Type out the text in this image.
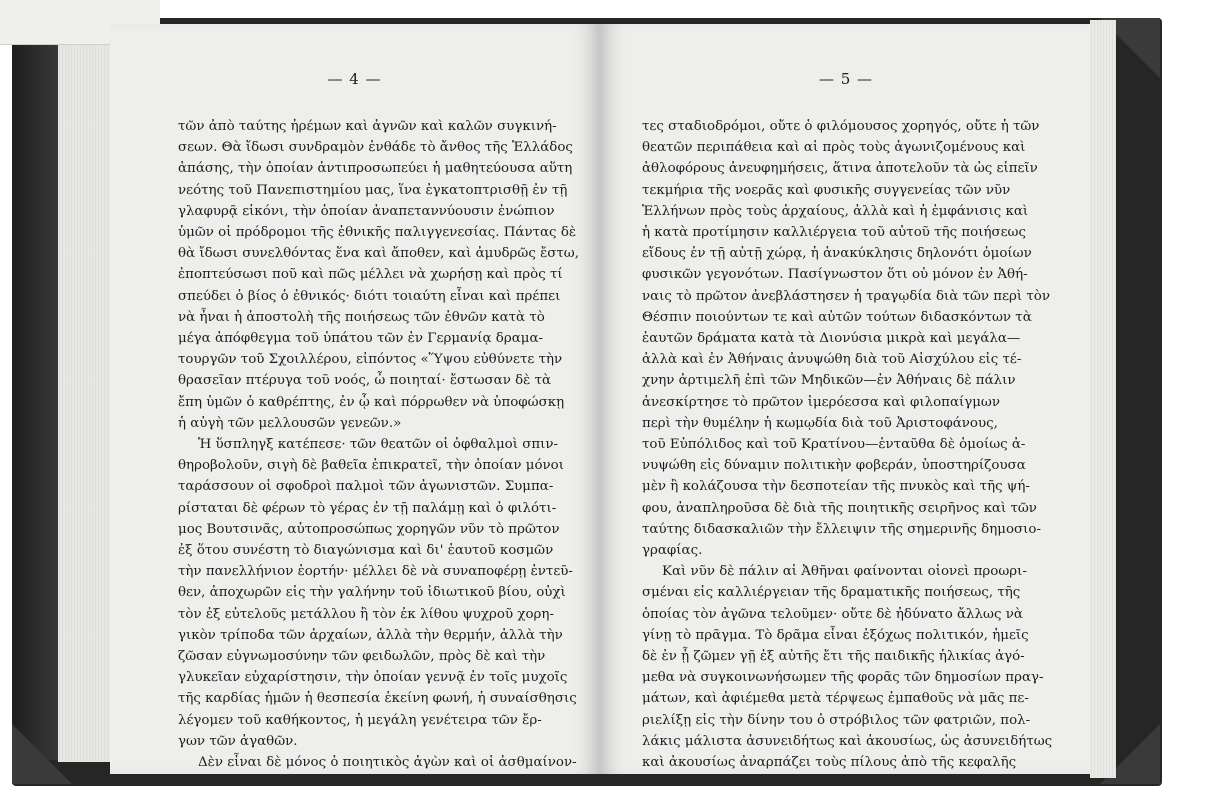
— 4 —
τῶν ἀπὸ ταύτης ἠρέμων καὶ ἀγνῶν καὶ καλῶν συγκινή-
σεων. Θὰ ἴδωσι συνδραμὸν ἐνθάδε τὸ ἄνθος τῆς Ἑλλάδος
ἁπάσης, τὴν ὁποίαν ἀντιπροσωπεύει ἡ μαθητεύουσα αὕτη
νεότης τοῦ Πανεπιστημίου μας, ἵνα ἐγκατοπτρισθῇ ἐν τῇ
γλαφυρᾷ εἰκόνι, τὴν ὁποίαν ἀναπεταννύουσιν ἐνώπιον
ὑμῶν οἱ πρόδρομοι τῆς ἐθνικῆς παλιγγενεσίας. Πάντας δὲ
θὰ ἴδωσι συνελθόντας ἕνα καὶ ἄποθεν, καὶ ἀμυδρῶς ἔστω,
ἐποπτεύσωσι ποῦ καὶ πῶς μέλλει νὰ χωρήσῃ καὶ πρὸς τί
σπεύδει ὁ βίος ὁ ἐθνικός· διότι τοιαύτη εἶναι καὶ πρέπει
νὰ ἦναι ἡ ἀποστολὴ τῆς ποιήσεως τῶν ἐθνῶν κατὰ τὸ
μέγα ἀπόφθεγμα τοῦ ὑπάτου τῶν ἐν Γερμανίᾳ δραμα-
τουργῶν τοῦ Σχοιλλέρου, εἰπόντος «Ὕψου εὐθύνετε τὴν
θρασεῖαν πτέρυγα τοῦ νοός, ὦ ποιηταί· ἔστωσαν δὲ τὰ
ἔπη ὑμῶν ὁ καθρέπτης, ἐν ᾧ καὶ πόρρωθεν νὰ ὑποφώσκῃ
ἡ αὐγὴ τῶν μελλουσῶν γενεῶν.»
Ἡ ὕσπληγξ κατέπεσε· τῶν θεατῶν οἱ ὀφθαλμοὶ σπιν-
θηροβολοῦν, σιγὴ δὲ βαθεῖα ἐπικρατεῖ, τὴν ὁποίαν μόνοι
ταράσσουν οἱ σφοδροὶ παλμοὶ τῶν ἀγωνιστῶν. Συμπα-
ρίσταται δὲ φέρων τὸ γέρας ἐν τῇ παλάμῃ καὶ ὁ φιλότι-
μος Βουτσινᾶς, αὐτοπροσώπως χορηγῶν νῦν τὸ πρῶτον
ἐξ ὅτου συνέστη τὸ διαγώνισμα καὶ δι' ἑαυτοῦ κοσμῶν
τὴν πανελλήνιον ἑορτήν· μέλλει δὲ νὰ συναποφέρῃ ἐντεῦ-
θεν, ἀποχωρῶν εἰς τὴν γαλήνην τοῦ ἰδιωτικοῦ βίου, οὐχὶ
τὸν ἐξ εὐτελοῦς μετάλλου ἢ τὸν ἐκ λίθου ψυχροῦ χορη-
γικὸν τρίποδα τῶν ἀρχαίων, ἀλλὰ τὴν θερμήν, ἀλλὰ τὴν
ζῶσαν εὐγνωμοσύνην τῶν φειδωλῶν, πρὸς δὲ καὶ τὴν
γλυκεῖαν εὐχαρίστησιν, τὴν ὁποίαν γεννᾷ ἐν τοῖς μυχοῖς
τῆς καρδίας ἡμῶν ἡ θεσπεσία ἐκείνη φωνή, ἡ συναίσθησις
λέγομεν τοῦ καθήκοντος, ἡ μεγάλη γενέτειρα τῶν ἔρ-
γων τῶν ἀγαθῶν.
Δὲν εἶναι δὲ μόνος ὁ ποιητικὸς ἀγὼν καὶ οἱ ἀσθμαίνον-
— 5 —
τες σταδιοδρόμοι, οὔτε ὁ φιλόμουσος χορηγός, οὔτε ἡ τῶν
θεατῶν περιπάθεια καὶ αἱ πρὸς τοὺς ἀγωνιζομένους καὶ
ἀθλοφόρους ἀνευφημήσεις, ἅτινα ἀποτελοῦν τὰ ὡς εἰπεῖν
τεκμήρια τῆς νοερᾶς καὶ φυσικῆς συγγενείας τῶν νῦν
Ἑλλήνων πρὸς τοὺς ἀρχαίους, ἀλλὰ καὶ ἡ ἐμφάνισις καὶ
ἡ κατὰ προτίμησιν καλλιέργεια τοῦ αὐτοῦ τῆς ποιήσεως
εἴδους ἐν τῇ αὐτῇ χώρᾳ, ἡ ἀνακύκλησις δηλονότι ὁμοίων
φυσικῶν γεγονότων. Πασίγνωστον ὅτι οὐ μόνον ἐν Ἀθή-
ναις τὸ πρῶτον ἀνεβλάστησεν ἡ τραγῳδία διὰ τῶν περὶ τὸν
Θέσπιν ποιούντων τε καὶ αὐτῶν τούτων διδασκόντων τὰ
ἑαυτῶν δράματα κατὰ τὰ Διονύσια μικρὰ καὶ μεγάλα—
ἀλλὰ καὶ ἐν Ἀθήναις ἀνυψώθη διὰ τοῦ Αἰσχύλου εἰς τέ-
χνην ἀρτιμελῆ ἐπὶ τῶν Μηδικῶν—ἐν Ἀθήναις δὲ πάλιν
ἀνεσκίρτησε τὸ πρῶτον ἱμερόεσσα καὶ φιλοπαίγμων
περὶ τὴν θυμέλην ἡ κωμῳδία διὰ τοῦ Ἀριστοφάνους,
τοῦ Εὐπόλιδος καὶ τοῦ Κρατίνου—ἐνταῦθα δὲ ὁμοίως ἀ-
νυψώθη εἰς δύναμιν πολιτικὴν φοβεράν, ὑποστηρίζουσα
μὲν ἢ κολάζουσα τὴν δεσποτείαν τῆς πνυκὸς καὶ τῆς ψή-
φου, ἀναπληροῦσα δὲ διὰ τῆς ποιητικῆς σειρῆνος καὶ τῶν
ταύτης διδασκαλιῶν τὴν ἔλλειψιν τῆς σημερινῆς δημοσιο-
γραφίας.
Καὶ νῦν δὲ πάλιν αἱ Ἀθῆναι φαίνονται οἱονεὶ προωρι-
σμέναι εἰς καλλιέργειαν τῆς δραματικῆς ποιήσεως, τῆς
ὁποίας τὸν ἀγῶνα τελοῦμεν· οὔτε δὲ ἠδύνατο ἄλλως νὰ
γίνῃ τὸ πρᾶγμα. Τὸ δρᾶμα εἶναι ἐξόχως πολιτικόν, ἡμεῖς
δὲ ἐν ᾗ ζῶμεν γῇ ἐξ αὐτῆς ἔτι τῆς παιδικῆς ἡλικίας ἀγό-
μεθα νὰ συγκοινωνήσωμεν τῆς φορᾶς τῶν δημοσίων πραγ-
μάτων, καὶ ἀφιέμεθα μετὰ τέρψεως ἐμπαθοῦς νὰ μᾶς πε-
ριελίξῃ εἰς τὴν δίνην του ὁ στρόβιλος τῶν φατριῶν, πολ-
λάκις μάλιστα ἀσυνειδήτως καὶ ἀκουσίως, ὡς ἀσυνειδήτως
καὶ ἀκουσίως ἀναρπάζει τοὺς πίλους ἀπὸ τῆς κεφαλῆς
